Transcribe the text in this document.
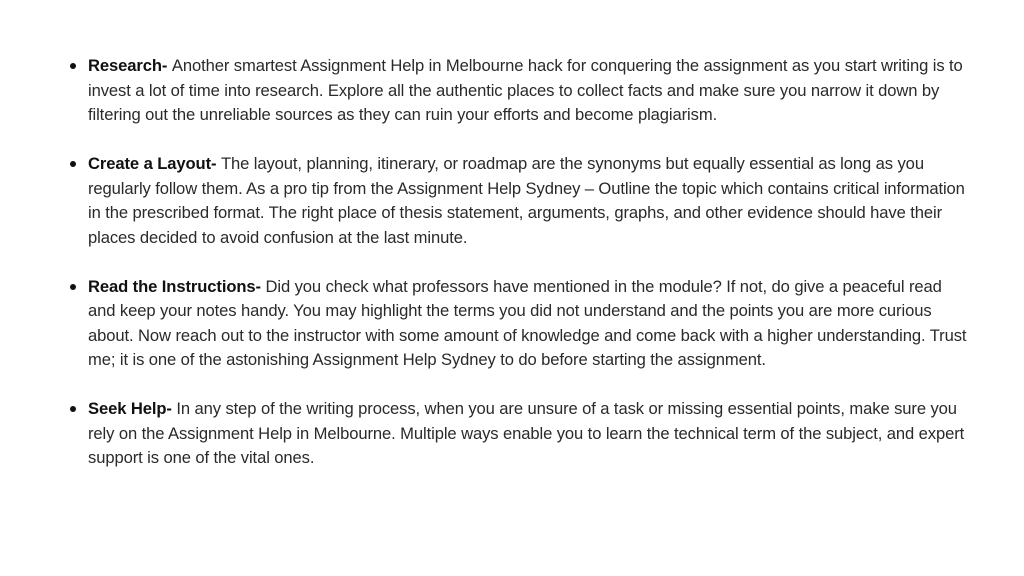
Research- Another smartest Assignment Help in Melbourne hack for conquering the assignment as you start writing is to invest a lot of time into research. Explore all the authentic places to collect facts and make sure you narrow it down by filtering out the unreliable sources as they can ruin your efforts and become plagiarism.
Create a Layout- The layout, planning, itinerary, or roadmap are the synonyms but equally essential as long as you regularly follow them. As a pro tip from the Assignment Help Sydney – Outline the topic which contains critical information in the prescribed format. The right place of thesis statement, arguments, graphs, and other evidence should have their places decided to avoid confusion at the last minute.
Read the Instructions- Did you check what professors have mentioned in the module? If not, do give a peaceful read and keep your notes handy. You may highlight the terms you did not understand and the points you are more curious about. Now reach out to the instructor with some amount of knowledge and come back with a higher understanding. Trust me; it is one of the astonishing Assignment Help Sydney to do before starting the assignment.
Seek Help- In any step of the writing process, when you are unsure of a task or missing essential points, make sure you rely on the Assignment Help in Melbourne. Multiple ways enable you to learn the technical term of the subject, and expert support is one of the vital ones.
